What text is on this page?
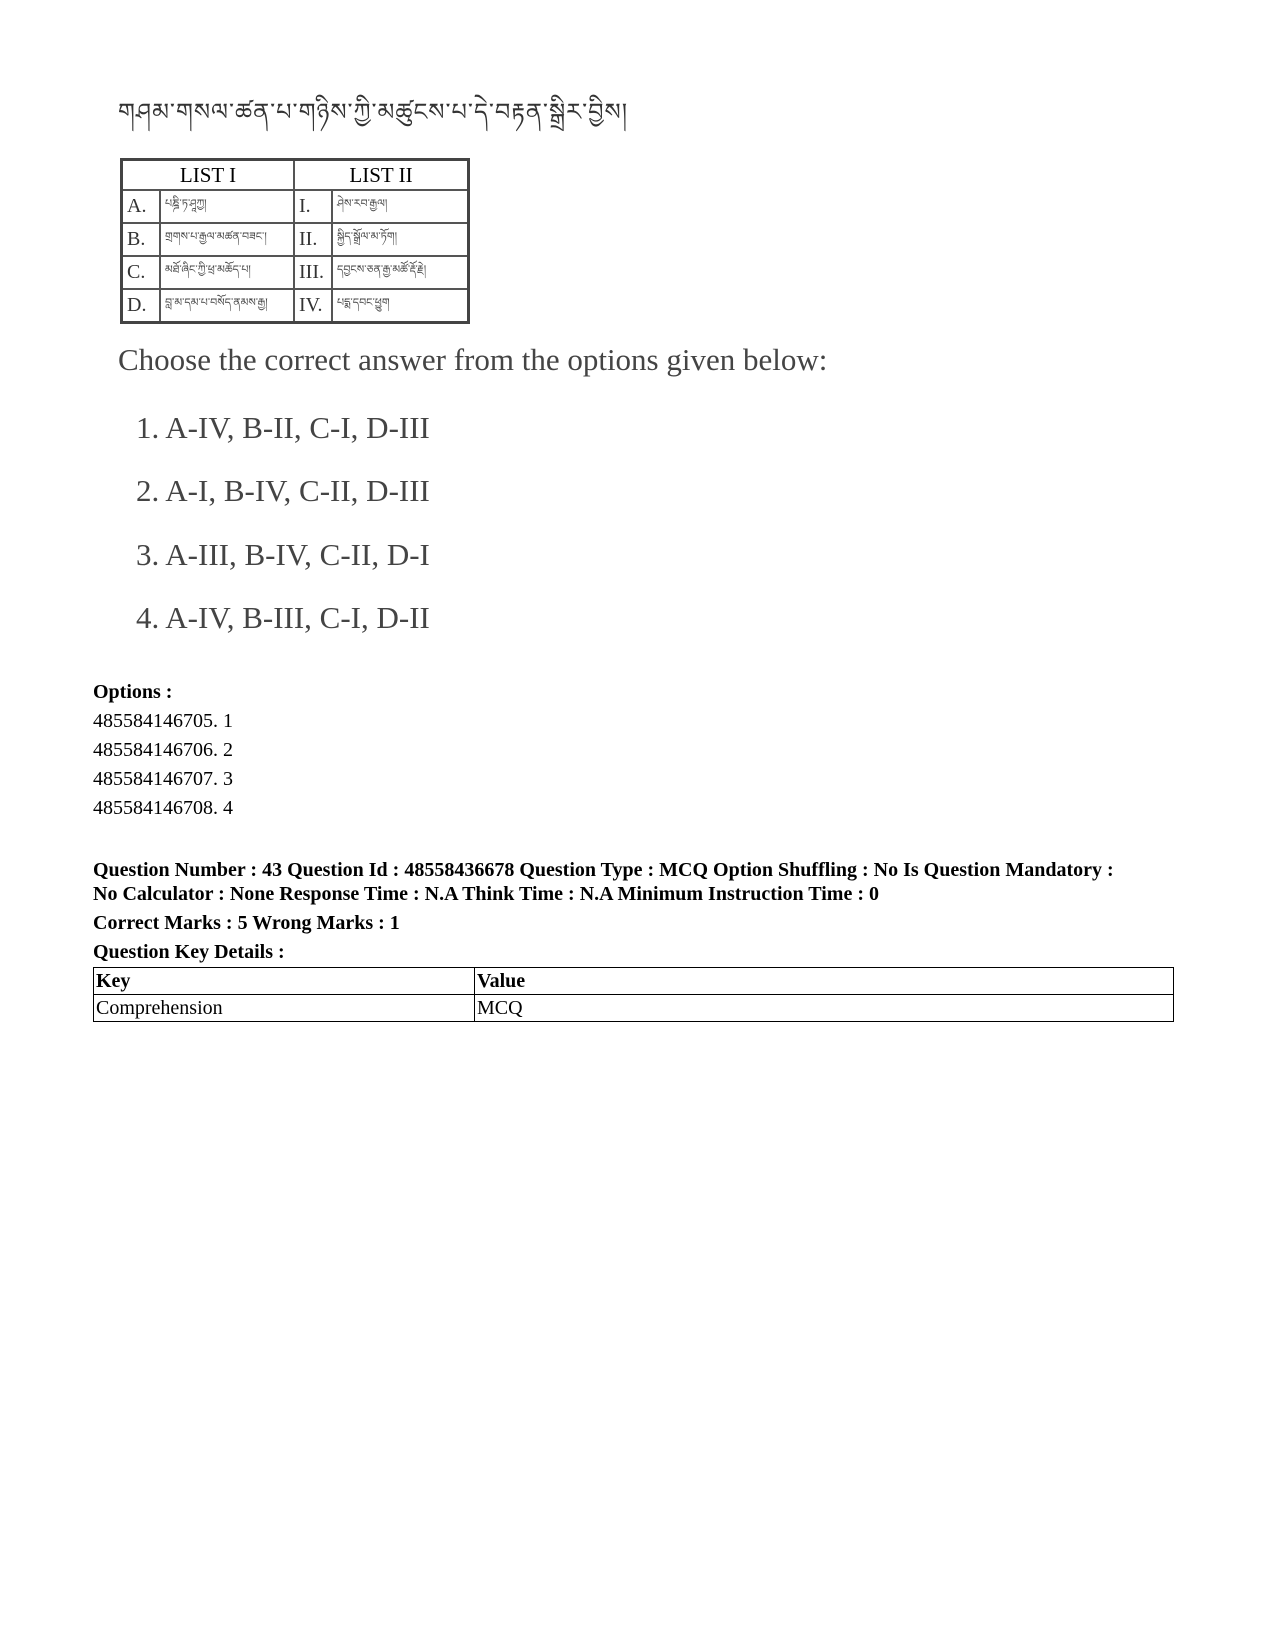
གཤམ་གསལ་ཚན་པ་གཉིས་ཀྱི་མཚུངས་པ་དེ་བརྟན་སྒྲིར་བྱིས།
LIST I		LIST II	
A.	པཎྜི་ཏ་ཤཱཀྱ།	I.	ཤེས་རབ་རྒྱལ།
B.	གྲགས་པ་རྒྱལ་མཚན་བཟང་།	II.	སྐྱིད་སྒྲོལ་མ་ཏོག།
C.	མཐོ་ཞིང་ཀྱི་ཕྲ་མཆོད་པ།	III.	དབྱངས་ཅན་རྒྱ་མཚོ་རྡོ་རྗེ།
D.	བླ་མ་དམ་པ་བསོད་ནམས་རྒྱ།	IV.	པདྨ་དབང་ཕྱུག
Choose the correct answer from the options given below:
1. A-IV, B-II, C-I, D-III
2. A-I, B-IV, C-II, D-III
3. A-III, B-IV, C-II, D-I
4. A-IV, B-III, C-I, D-II
Options :
485584146705. 1
485584146706. 2
485584146707. 3
485584146708. 4
Question Number : 43 Question Id : 48558436678 Question Type : MCQ Option Shuffling : No Is Question Mandatory :
No Calculator : None Response Time : N.A Think Time : N.A Minimum Instruction Time : 0
Correct Marks : 5 Wrong Marks : 1
Question Key Details :
Key	Value
Comprehension	MCQ
